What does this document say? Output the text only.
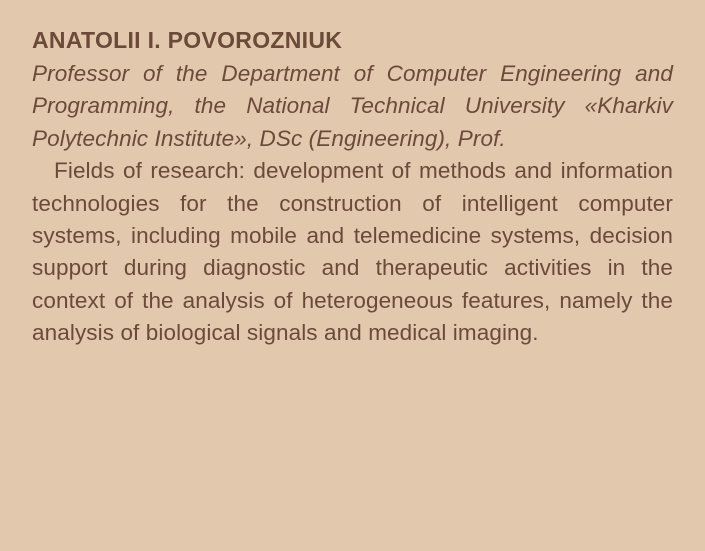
ANATOLII I. POVOROZNIUK

Professor of the Department of Computer Engineering and Programming, the National Technical University «Kharkiv Polytechnic Institute», DSc (Engineering), Prof.

Fields of research: development of methods and information technologies for the construction of intelligent computer systems, including mobile and telemedicine systems, decision support during diagnostic and therapeutic activities in the context of the analysis of heterogeneous features, namely the analysis of biological signals and medical imaging.
